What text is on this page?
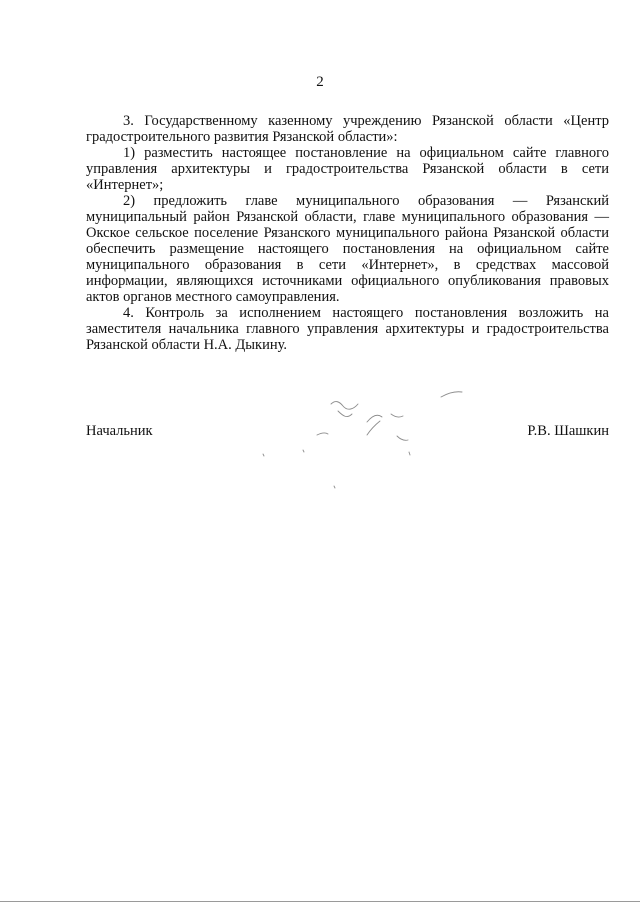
2

3. Государственному казенному учреждению Рязанской области «Центр градостроительного развития Рязанской области»:

1) разместить настоящее постановление на официальном сайте главного управления архитектуры и градостроительства Рязанской области в сети «Интернет»;

2) предложить главе муниципального образования — Рязанский муниципальный район Рязанской области, главе муниципального образования — Окское сельское поселение Рязанского муниципального района Рязанской области обеспечить размещение настоящего постановления на официальном сайте муниципального образования в сети «Интернет», в средствах массовой информации, являющихся источниками официального опубликования правовых актов органов местного самоуправления.

4. Контроль за исполнением настоящего постановления возложить на заместителя начальника главного управления архитектуры и градостроительства Рязанской области Н.А. Дыкину.

Начальник	Р.В. Шашкин
